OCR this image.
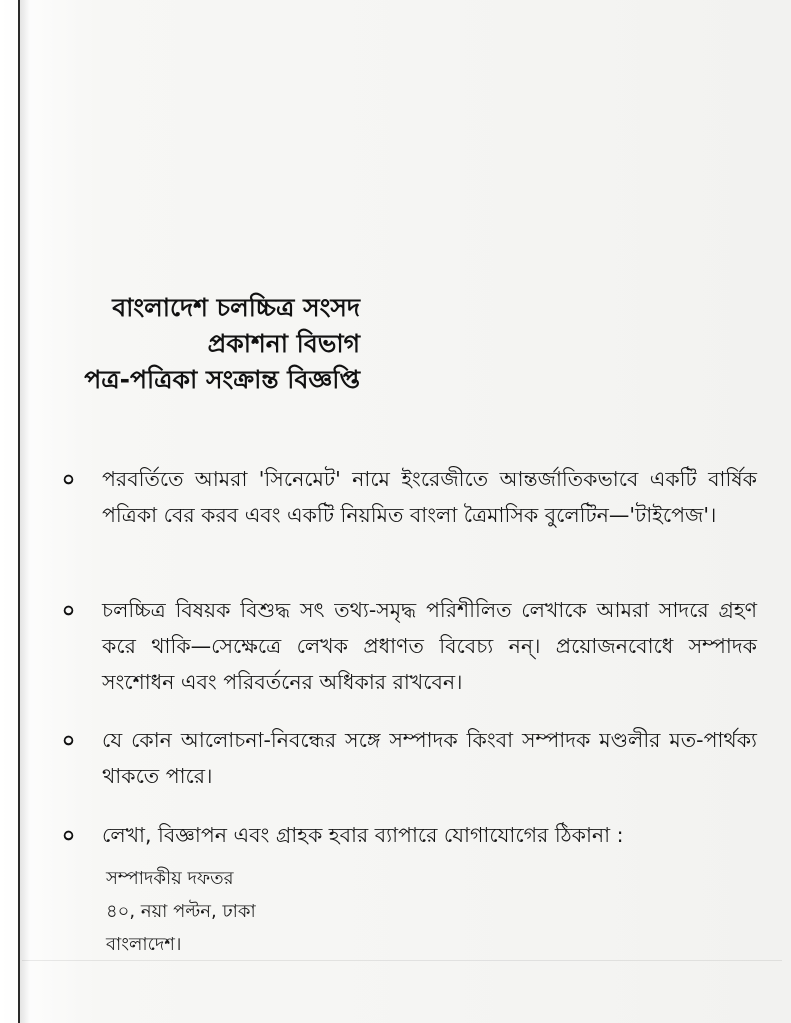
বাংলাদেশ চলচ্চিত্র সংসদ
প্রকাশনা বিভাগ
পত্র-পত্রিকা সংক্রান্ত বিজ্ঞপ্তি
০ পরবর্তিতে আমরা 'সিনেমেট' নামে ইংরেজীতে আন্তর্জাতিকভাবে একটি বার্ষিক পত্রিকা বের করব এবং একটি নিয়মিত বাংলা ত্রৈমাসিক বুলেটিন—'টাইপেজ'।
০ চলচ্চিত্র বিষয়ক বিশুদ্ধ সৎ তথ্য-সমৃদ্ধ পরিশীলিত লেখাকে আমরা সাদরে গ্রহণ করে থাকি—সেক্ষেত্রে লেখক প্রধাণত বিবেচ্য নন্। প্রয়োজনবোধে সম্পাদক সংশোধন এবং পরিবর্তনের অধিকার রাখবেন।
০ যে কোন আলোচনা-নিবন্ধের সঙ্গে সম্পাদক কিংবা সম্পাদক মণ্ডলীর মত-পার্থক্য থাকতে পারে।
০ লেখা, বিজ্ঞাপন এবং গ্রাহক হবার ব্যাপারে যোগাযোগের ঠিকানা :
সম্পাদকীয় দফতর
৪০, নয়া পল্টন, ঢাকা
বাংলাদেশ।
